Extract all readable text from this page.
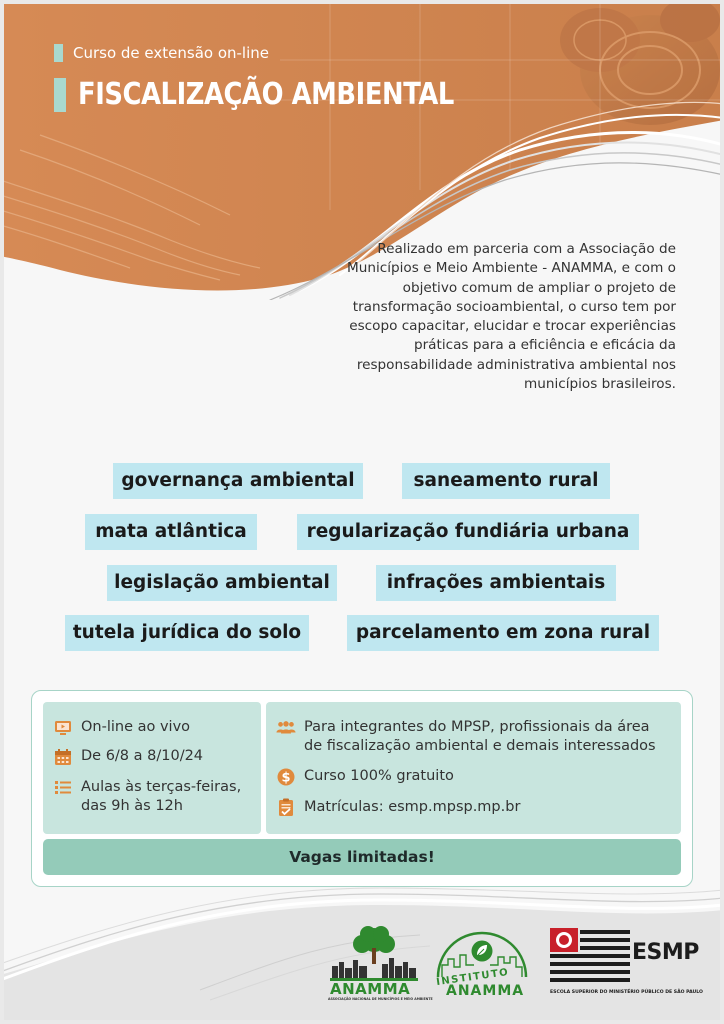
Curso de extensão on-line
FISCALIZAÇÃO AMBIENTAL
Realizado em parceria com a Associação de Municípios e Meio Ambiente - ANAMMA, e com o objetivo comum de ampliar o projeto de transformação socioambiental, o curso tem por escopo capacitar, elucidar e trocar experiências práticas para a eficiência e eficácia da responsabilidade administrativa ambiental nos municípios brasileiros.
governança ambiental	saneamento rural
mata atlântica	regularização fundiária urbana
legislação ambiental	infrações ambientais
tutela jurídica do solo	parcelamento em zona rural
On-line ao vivo
De 6/8 a 8/10/24
Aulas às terças-feiras,
das 9h às 12h
Para integrantes do MPSP, profissionais da área
de fiscalização ambiental e demais interessados
$ Curso 100% gratuito
Matrículas: esmp.mpsp.mp.br
Vagas limitadas!
ANAMMA
ASSOCIAÇÃO NACIONAL DE MUNICÍPIOS E MEIO AMBIENTE
INSTITUTO
ANAMMA
ESMP
ESCOLA SUPERIOR DO MINISTÉRIO PÚBLICO DE SÃO PAULO
